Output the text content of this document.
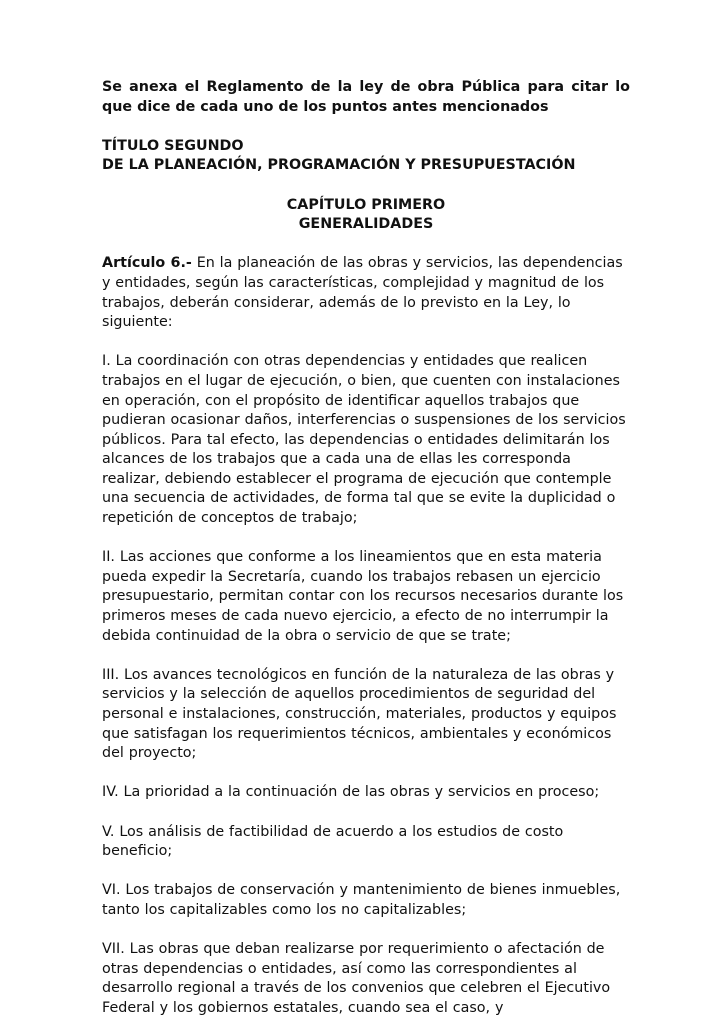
Se anexa el Reglamento de la ley de obra Pública para citar lo que dice de cada uno de los puntos antes mencionados

TÍTULO SEGUNDO

DE LA PLANEACIÓN, PROGRAMACIÓN Y PRESUPUESTACIÓN

CAPÍTULO PRIMERO

GENERALIDADES

Artículo 6.- En la planeación de las obras y servicios, las dependencias y entidades, según las características, complejidad y magnitud de los trabajos, deberán considerar, además de lo previsto en la Ley, lo siguiente:

I. La coordinación con otras dependencias y entidades que realicen trabajos en el lugar de ejecución, o bien, que cuenten con instalaciones en operación, con el propósito de identificar aquellos trabajos que pudieran ocasionar daños, interferencias o suspensiones de los servicios públicos. Para tal efecto, las dependencias o entidades delimitarán los alcances de los trabajos que a cada una de ellas les corresponda realizar, debiendo establecer el programa de ejecución que contemple una secuencia de actividades, de forma tal que se evite la duplicidad o repetición de conceptos de trabajo;

II. Las acciones que conforme a los lineamientos que en esta materia pueda expedir la Secretaría, cuando los trabajos rebasen un ejercicio presupuestario, permitan contar con los recursos necesarios durante los primeros meses de cada nuevo ejercicio, a efecto de no interrumpir la debida continuidad de la obra o servicio de que se trate;

III. Los avances tecnológicos en función de la naturaleza de las obras y servicios y la selección de aquellos procedimientos de seguridad del personal e instalaciones, construcción, materiales, productos y equipos que satisfagan los requerimientos técnicos, ambientales y económicos del proyecto;

IV. La prioridad a la continuación de las obras y servicios en proceso;

V. Los análisis de factibilidad de acuerdo a los estudios de costo beneficio;

VI. Los trabajos de conservación y mantenimiento de bienes inmuebles, tanto los capitalizables como los no capitalizables;

VII. Las obras que deban realizarse por requerimiento o afectación de otras dependencias o entidades, así como las correspondientes al desarrollo regional a través de los convenios que celebren el Ejecutivo Federal y los gobiernos estatales, cuando sea el caso, y
